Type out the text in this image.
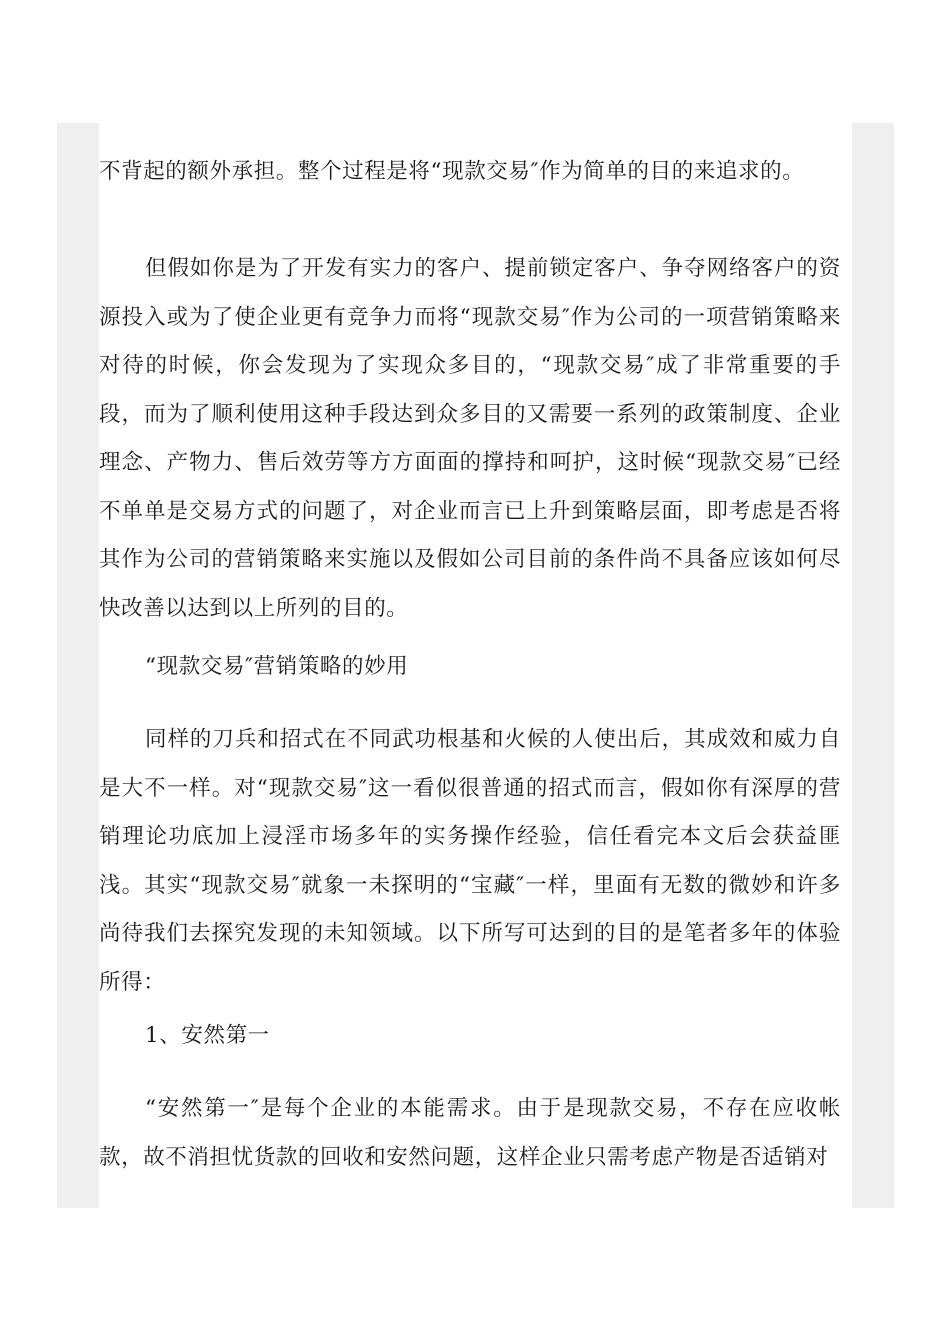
不背起的额外承担。整个过程是将“现款交易″作为简单的目的来追求的。

但假如你是为了开发有实力的客户、提前锁定客户、争夺网络客户的资源投入或为了使企业更有竞争力而将“现款交易″作为公司的一项营销策略来对待的时候，你会发现为了实现众多目的，“现款交易″成了非常重要的手段，而为了顺利使用这种手段达到众多目的又需要一系列的政策制度、企业理念、产物力、售后效劳等方方面面的撑持和呵护，这时候“现款交易″已经不单单是交易方式的问题了，对企业而言已上升到策略层面，即考虑是否将其作为公司的营销策略来实施以及假如公司目前的条件尚不具备应该如何尽快改善以达到以上所列的目的。

“现款交易″营销策略的妙用

同样的刀兵和招式在不同武功根基和火候的人使出后，其成效和威力自是大不一样。对“现款交易″这一看似很普通的招式而言，假如你有深厚的营销理论功底加上浸淫市场多年的实务操作经验，信任看完本文后会获益匪浅。其实“现款交易″就象一未探明的“宝藏″一样，里面有无数的微妙和许多尚待我们去探究发现的未知领域。以下所写可达到的目的是笔者多年的体验所得：

1、安然第一

“安然第一″是每个企业的本能需求。由于是现款交易，不存在应收帐款，故不消担忧货款的回收和安然问题，这样企业只需考虑产物是否适销对
